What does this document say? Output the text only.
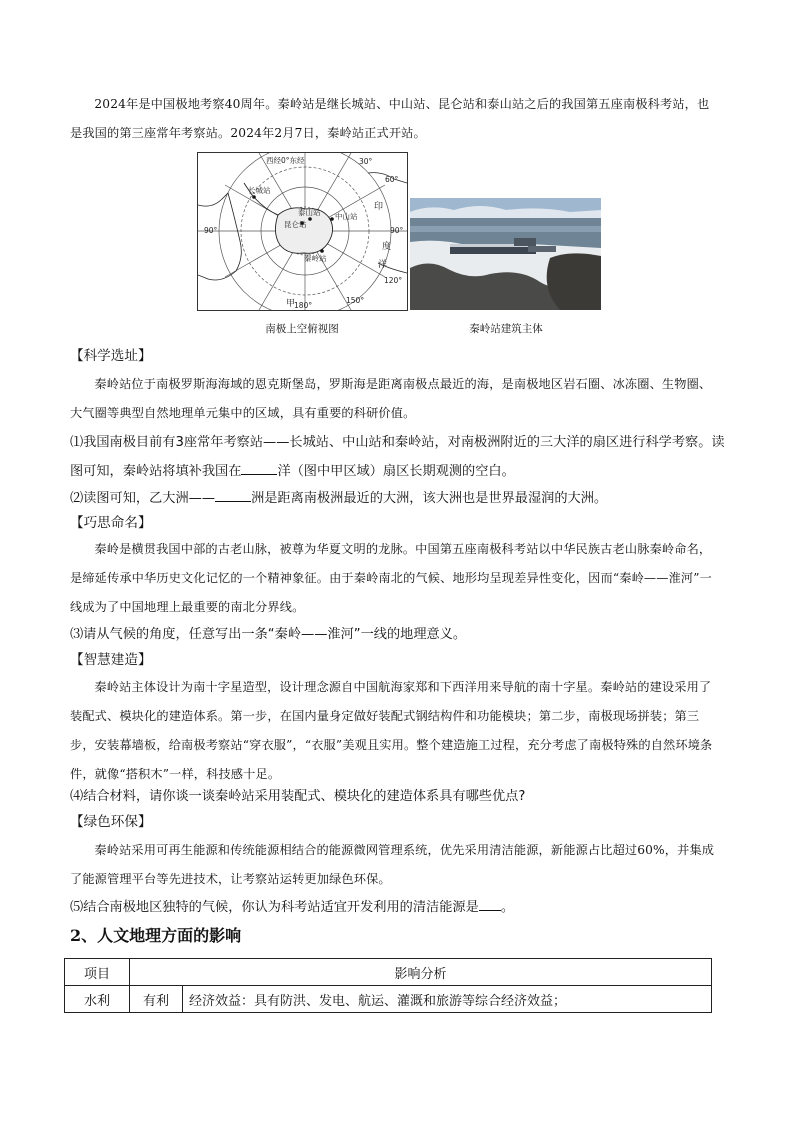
2024年是中国极地考察40周年。秦岭站是继长城站、中山站、昆仑站和泰山站之后的我国第五座南极科考站，也是我国的第三座常年考察站。2024年2月7日，秦岭站正式开站。
西经0°东经	30°
60°
90°	90°
120°
150°
180°
长城站
昆仑站
泰山站 中山站
秦岭站
印
度
洋
甲
南极上空俯视图	秦岭站建筑主体
【科学选址】
秦岭站位于南极罗斯海海域的恩克斯堡岛，罗斯海是距离南极点最近的海，是南极地区岩石圈、冰冻圈、生物圈、大气圈等典型自然地理单元集中的区域，具有重要的科研价值。
⑴我国南极目前有3座常年考察站——长城站、中山站和秦岭站，对南极洲附近的三大洋的扇区进行科学考察。读图可知，秦岭站将填补我国在	洋（图中甲区域）扇区长期观测的空白。
⑵读图可知，乙大洲——	洲是距离南极洲最近的大洲，该大洲也是世界最湿润的大洲。
【巧思命名】
秦岭是横贯我国中部的古老山脉，被尊为华夏文明的龙脉。中国第五座南极科考站以中华民族古老山脉秦岭命名，是缔延传承中华历史文化记忆的一个精神象征。由于秦岭南北的气候、地形均呈现差异性变化，因而“秦岭——淮河”一线成为了中国地理上最重要的南北分界线。
⑶请从气候的角度，任意写出一条“秦岭——淮河”一线的地理意义。
【智慧建造】
秦岭站主体设计为南十字星造型，设计理念源自中国航海家郑和下西洋用来导航的南十字星。秦岭站的建设采用了装配式、模块化的建造体系。第一步，在国内量身定做好装配式钢结构件和功能模块；第二步，南极现场拼装；第三步，安装幕墙板，给南极考察站“穿衣服”，“衣服”美观且实用。整个建造施工过程，充分考虑了南极特殊的自然环境条件，就像“搭积木”一样，科技感十足。
⑷结合材料，请你谈一谈秦岭站采用装配式、模块化的建造体系具有哪些优点?
【绿色环保】
秦岭站采用可再生能源和传统能源相结合的能源微网管理系统，优先采用清洁能源，新能源占比超过60%，并集成了能源管理平台等先进技术，让考察站运转更加绿色环保。
⑸结合南极地区独特的气候，你认为科考站适宜开发利用的清洁能源是 。
2、人文地理方面的影响
项目	影响分析	
水利	有利	经济效益：具有防洪、发电、航运、灌溉和旅游等综合经济效益；
